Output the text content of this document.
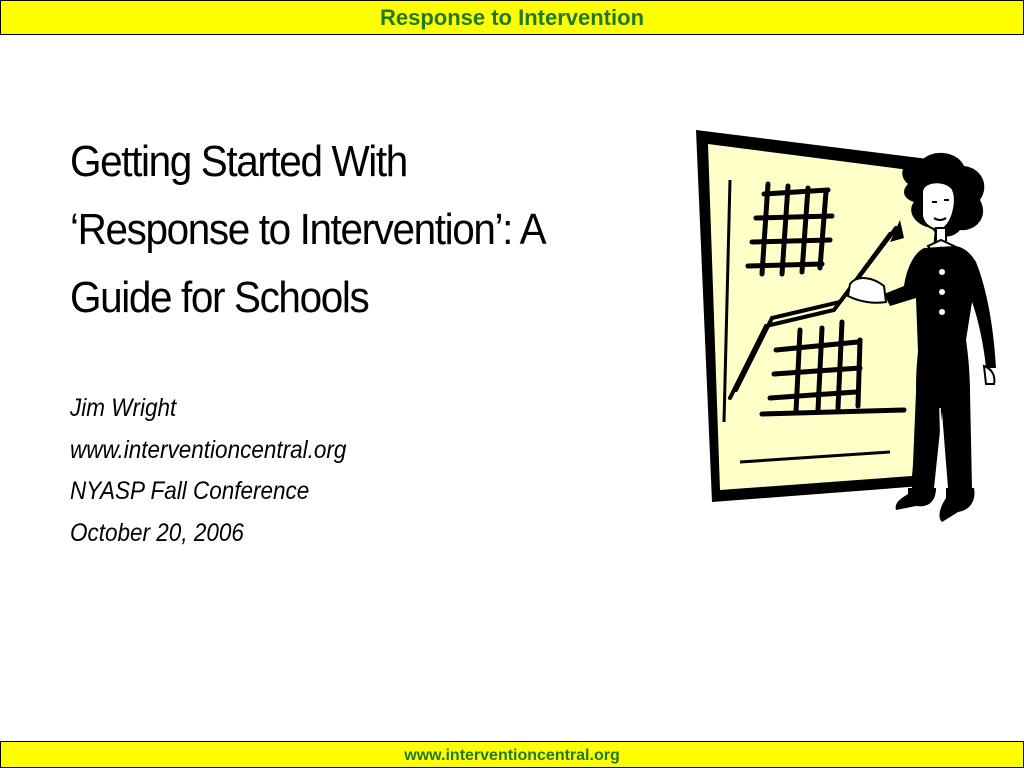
Response to Intervention
Getting Started With
‘Response to Intervention’: A
Guide for Schools
Jim Wright
www.interventioncentral.org
NYASP Fall Conference
October 20, 2006
www.interventioncentral.org
